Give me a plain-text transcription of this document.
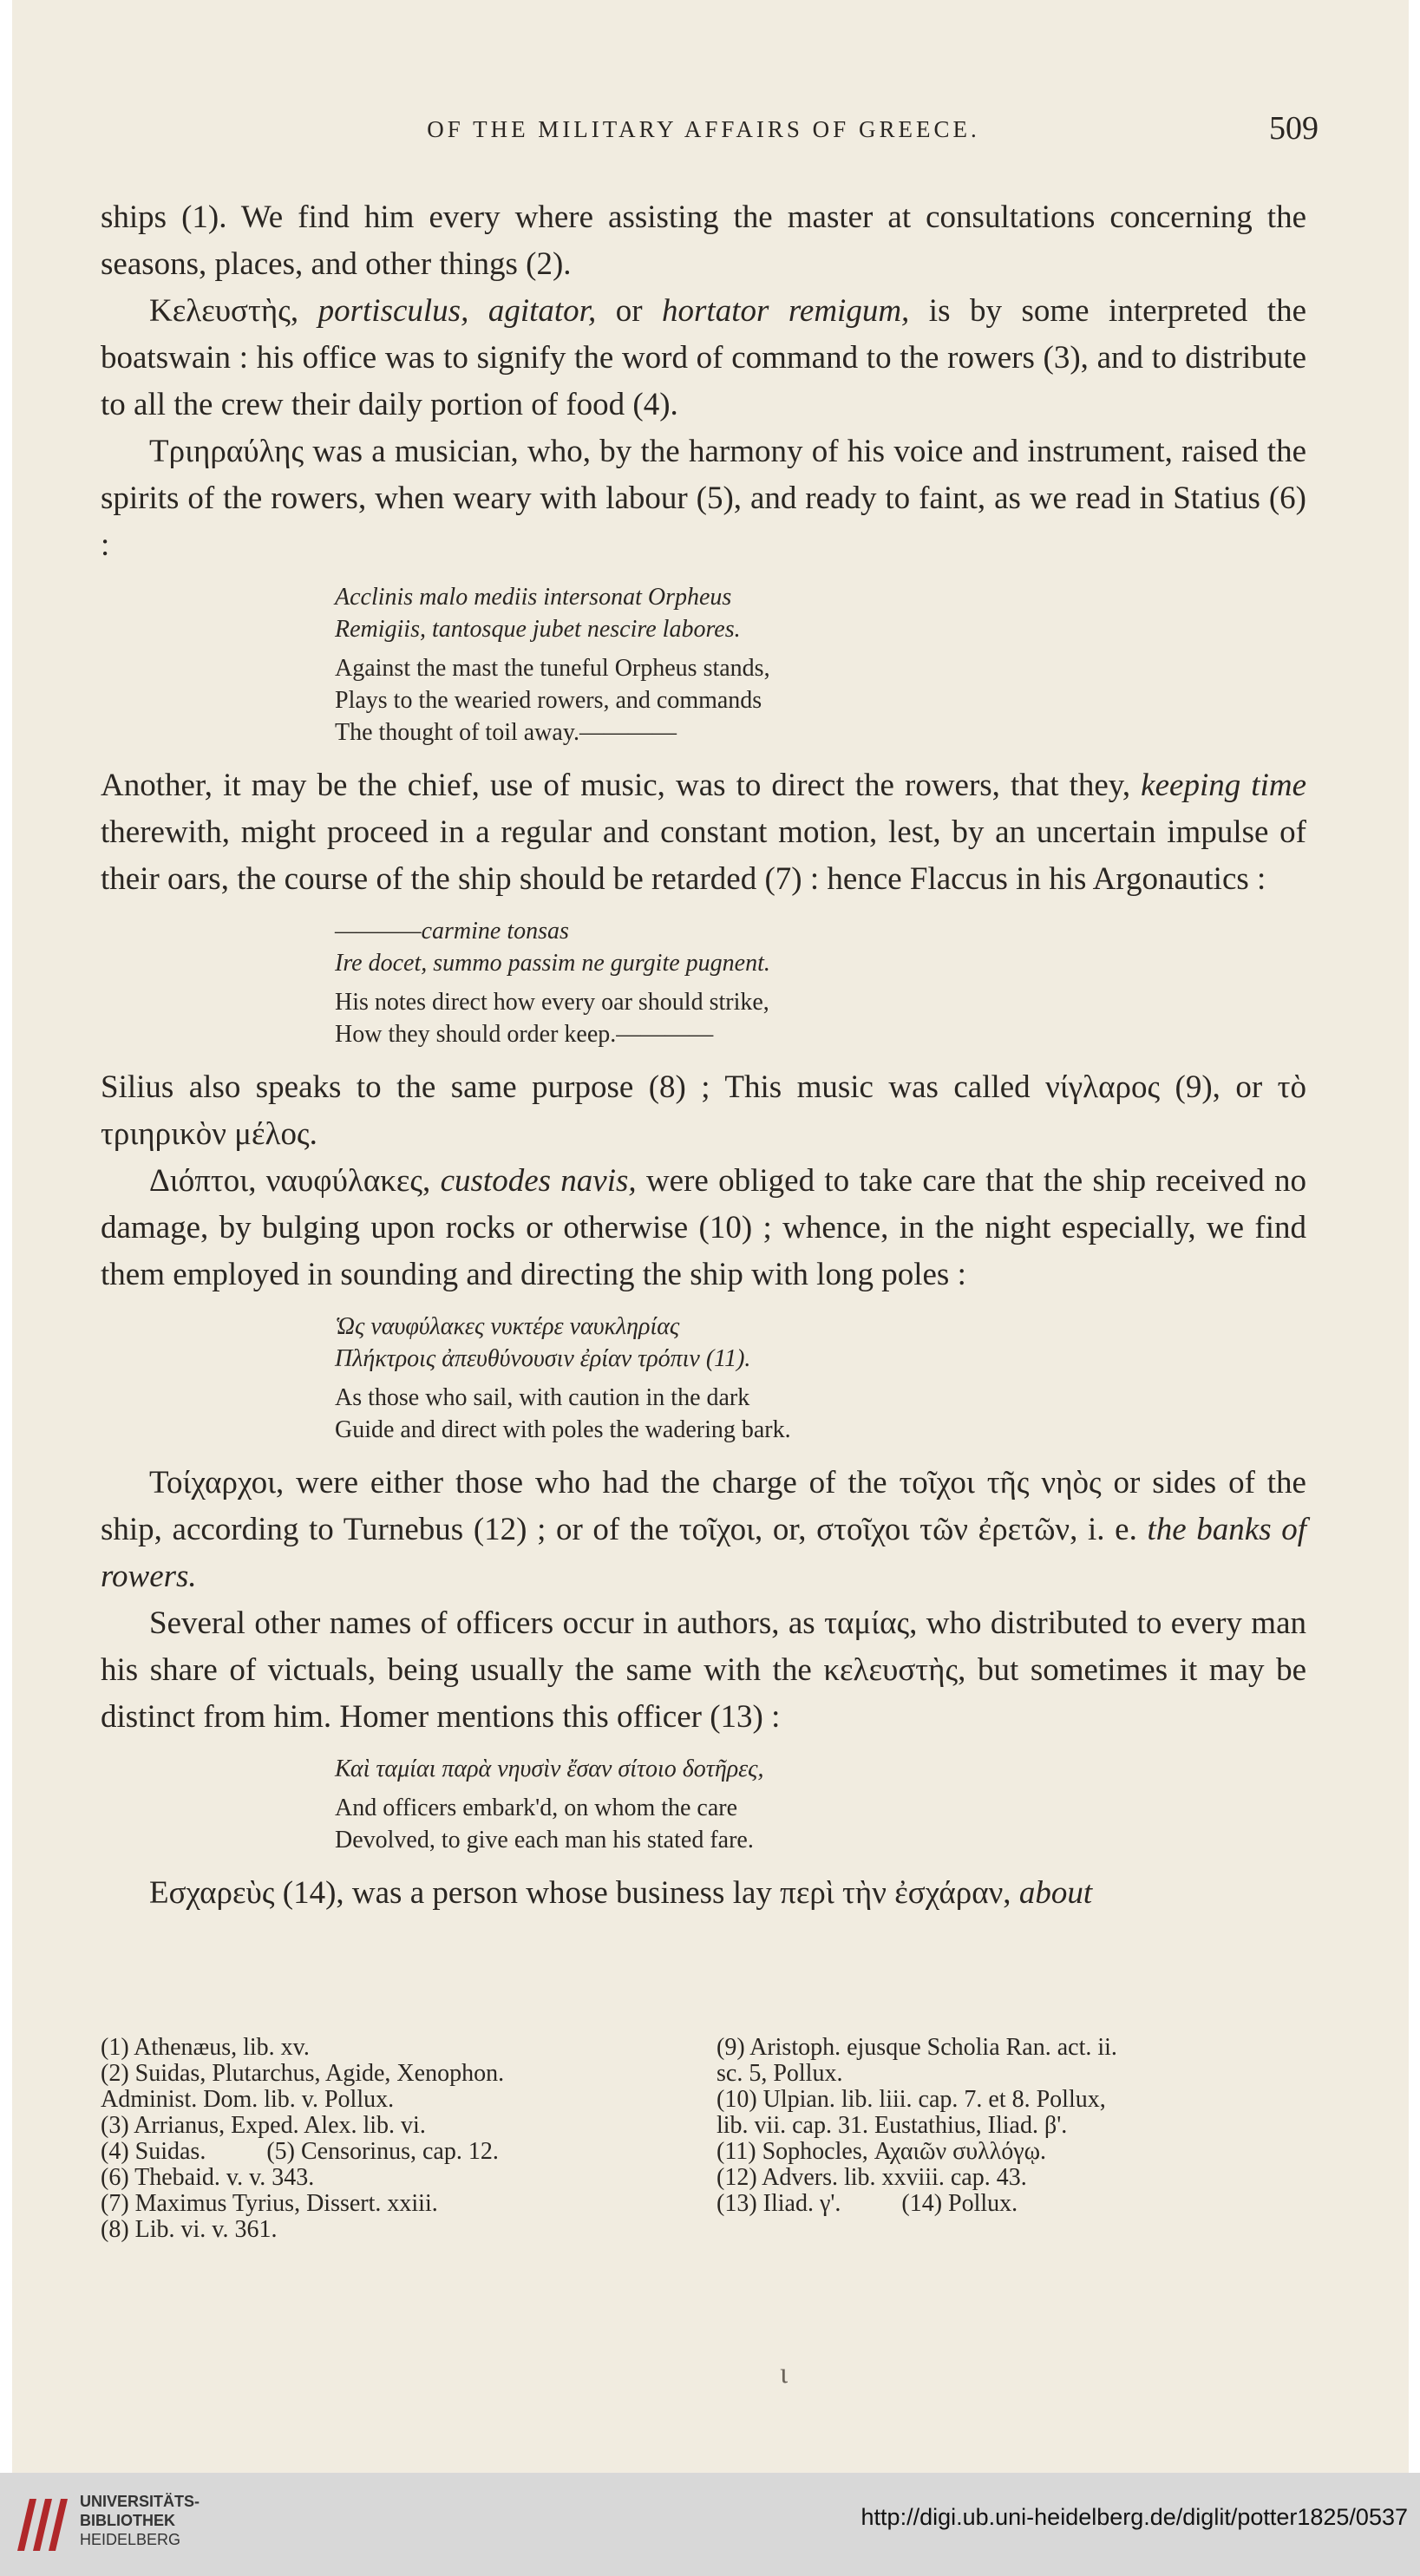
OF THE MILITARY AFFAIRS OF GREECE.	509

ships (1). We find him every where assisting the master at consultations concerning the seasons, places, and other things (2).

Κελευστὴς, portisculus, agitator, or hortator remigum, is by some interpreted the boatswain : his office was to signify the word of command to the rowers (3), and to distribute to all the crew their daily portion of food (4).

Τριηραύλης was a musician, who, by the harmony of his voice and instrument, raised the spirits of the rowers, when weary with labour (5), and ready to faint, as we read in Statius (6) :

Acclinis malo mediis intersonat Orpheus
Remigiis, tantosque jubet nescire labores.
Against the mast the tuneful Orpheus stands,
Plays to the wearied rowers, and commands
The thought of toil away.————

Another, it may be the chief, use of music, was to direct the rowers, that they, keeping time therewith, might proceed in a regular and constant motion, lest, by an uncertain impulse of their oars, the course of the ship should be retarded (7) : hence Flaccus in his Argonautics :

————carmine tonsas
Ire docet, summo passim ne gurgite pugnent.
His notes direct how every oar should strike,
How they should order keep.————

Silius also speaks to the same purpose (8) ; This music was called νίγλαρος (9), or τὸ τριηρικὸν μέλος.

Διόπτοι, ναυφύλακες, custodes navis, were obliged to take care that the ship received no damage, by bulging upon rocks or otherwise (10) ; whence, in the night especially, we find them employed in sounding and directing the ship with long poles :

Ὡς ναυφύλακες νυκτέρε ναυκληρίας
Πλήκτροις ἀπευθύνουσιν ἐρίαν τρόπιν (11).
As those who sail, with caution in the dark
Guide and direct with poles the wadering bark.

Τοίχαρχοι, were either those who had the charge of the τοῖχοι τῆς νηὸς or sides of the ship, according to Turnebus (12) ; or of the τοῖχοι, or, στοῖχοι τῶν ἐρετῶν, i. e. the banks of rowers.

Several other names of officers occur in authors, as ταμίας, who distributed to every man his share of victuals, being usually the same with the κελευστὴς, but sometimes it may be distinct from him. Homer mentions this officer (13) :

Καὶ ταμίαι παρὰ νηυσὶν ἔσαν σίτοιο δοτῆρες,
And officers embark'd, on whom the care
Devolved, to give each man his stated fare.

Εσχαρεὺς (14), was a person whose business lay περὶ τὴν ἐσχάραν, about

(1) Athenæus, lib. xv.
(2) Suidas, Plutarchus, Agide, Xenophon.
Administ. Dom. lib. v. Pollux.
(3) Arrianus, Exped. Alex. lib. vi.
(4) Suidas.          (5) Censorinus, cap. 12.
(6) Thebaid. v. v. 343.
(7) Maximus Tyrius, Dissert. xxiii.
(8) Lib. vi. v. 361.
(9) Aristoph. ejusque Scholia Ran. act. ii.
sc. 5, Pollux.
(10) Ulpian. lib. liii. cap. 7. et 8. Pollux,
lib. vii. cap. 31. Eustathius, Iliad. β'.
(11) Sophocles, Αχαιῶν συλλόγῳ.
(12) Advers. lib. xxviii. cap. 43.
(13) Iliad. γ'.          (14) Pollux.
ι
UNIVERSITÄTS-
BIBLIOTHEK
HEIDELBERG
http://digi.ub.uni-heidelberg.de/diglit/potter1825/0537
